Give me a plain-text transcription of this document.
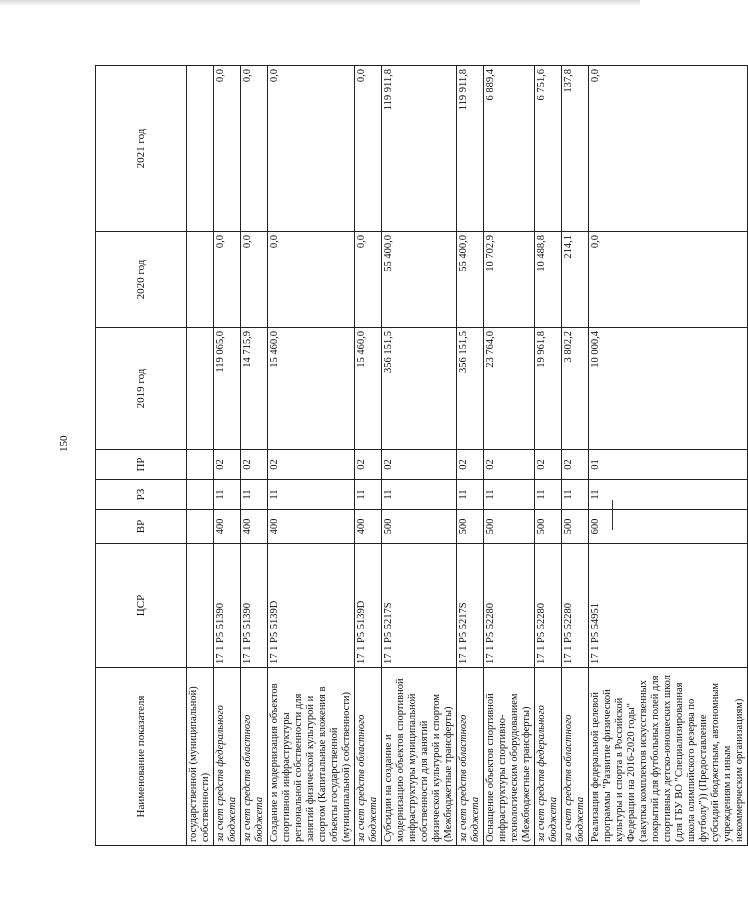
150
Наименование показателя	ЦСР	ВР	РЗ	ПР	2019 год	2020 год	2021 год
государственной (муниципальной) собственности)							
за счет средств федерального бюджета	17 1 P5 51390	400	11	02	119 065,0	0,0	0,0
за счет средств областного бюджета	17 1 P5 51390	400	11	02	14 715,9	0,0	0,0
Создание и модернизация объектов спортивной инфраструктуры региональной собственности для занятий физической культурой и спортом (Капитальные вложения в объекты государственной (муниципальной) собственности)	17 1 P5 5139D	400	11	02	15 460,0	0,0	0,0
за счет средств областного бюджета	17 1 P5 5139D	400	11	02	15 460,0	0,0	0,0
Субсидии на создание и модернизацию объектов спортивной инфраструктуры муниципальной собственности для занятий физической культурой и спортом (Межбюджетные трансферты)	17 1 P5 5217S	500	11	02	356 151,5	55 400,0	119 911,8
за счет средств областного бюджета	17 1 P5 5217S	500	11	02	356 151,5	55 400,0	119 911,8
Оснащение объектов спортивной инфраструктуры спортивно-технологическим оборудованием (Межбюджетные трансферты)	17 1 P5 52280	500	11	02	23 764,0	10 702,9	6 889,4
за счет средств федерального бюджета	17 1 P5 52280	500	11	02	19 961,8	10 488,8	6 751,6
за счет средств областного бюджета	17 1 P5 52280	500	11	02	3 802,2	214,1	137,8
Реализация федеральной целевой программы "Развитие физической культуры и спорта в Российской Федерации на 2016-2020 годы" (закупка комплектов искусственных покрытий для футбольных полей для спортивных детско-юношеских школ (для ГБУ ВО "Специализированная школа олимпийского резерва по футболу")) (Предоставление субсидий бюджетным, автономным учреждениям и иным некоммерческим организациям)	17 1 P5 54951	600	11	01	10 000,4	0,0	0,0
